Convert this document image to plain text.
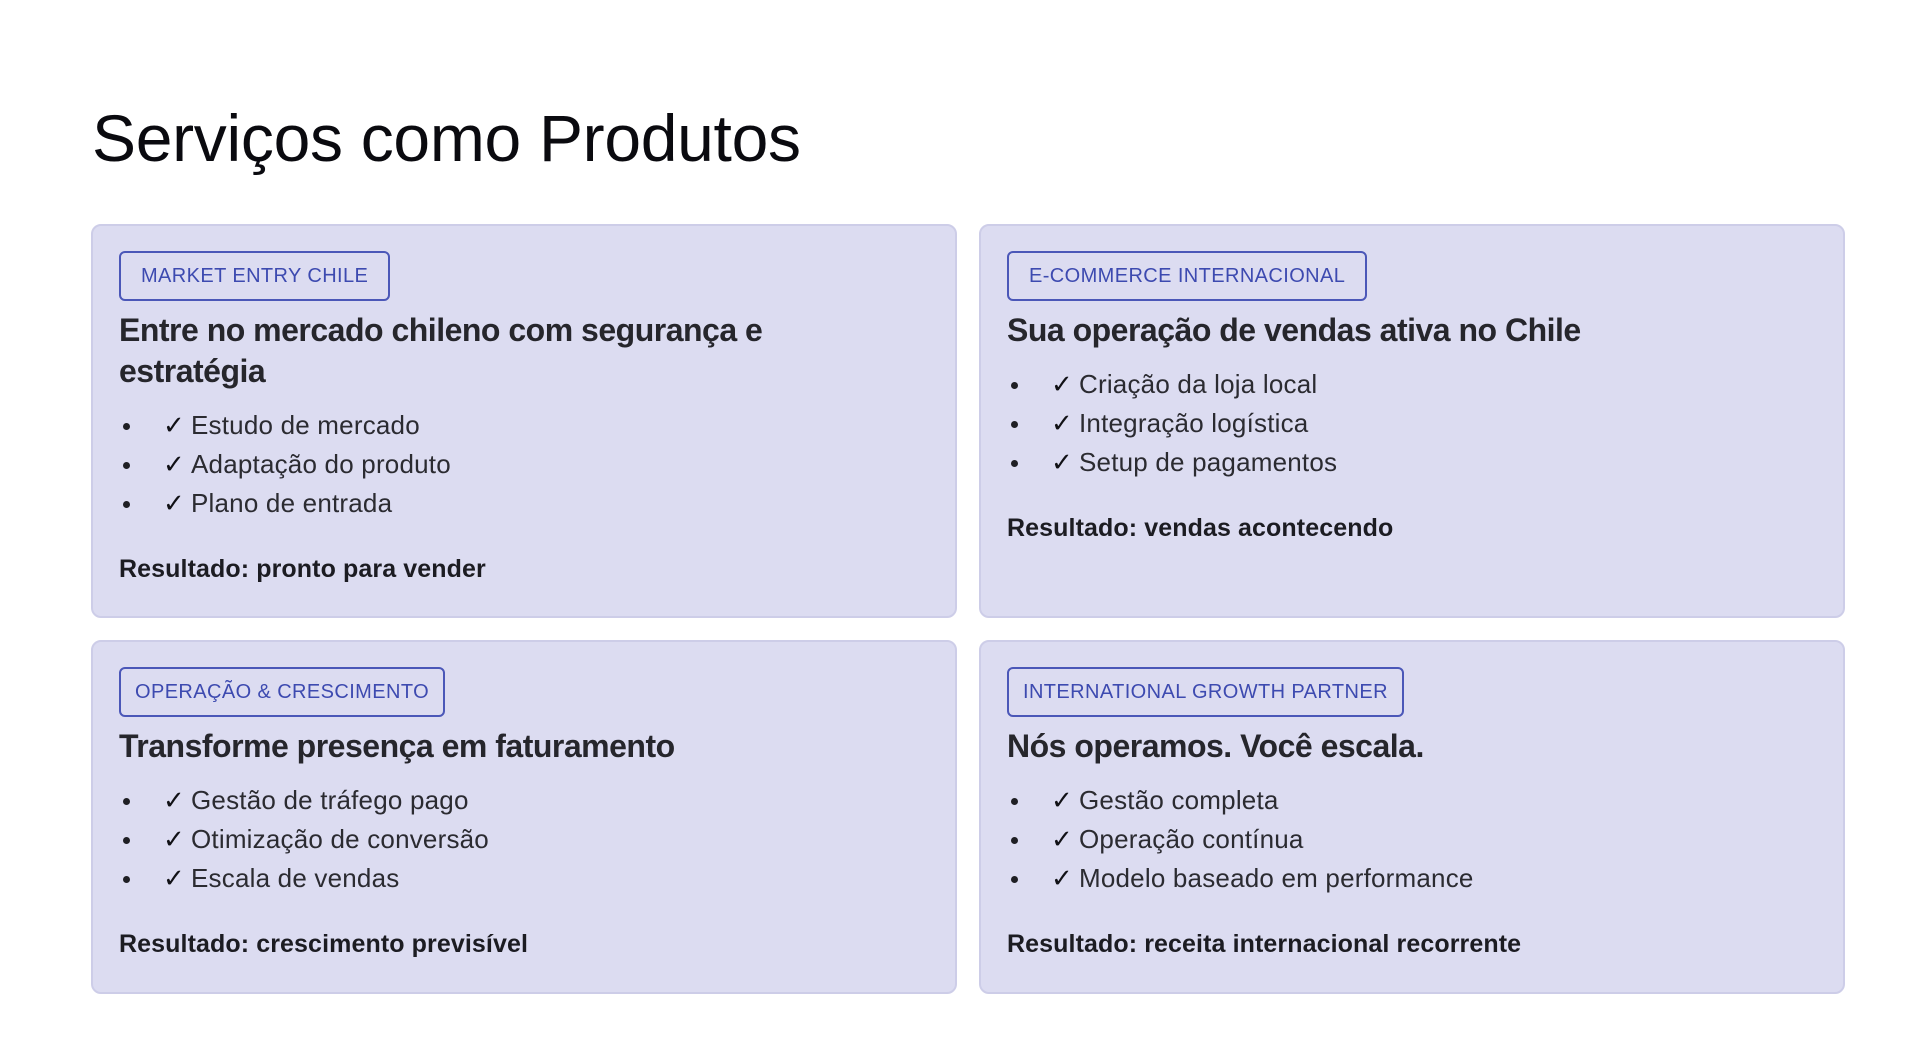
Serviços como Produtos
MARKET ENTRY CHILE
Entre no mercado chileno com segurança e estratégia
✓ Estudo de mercado
✓ Adaptação do produto
✓ Plano de entrada

Resultado: pronto para vender

E-COMMERCE INTERNACIONAL
Sua operação de vendas ativa no Chile
✓ Criação da loja local
✓ Integração logística
✓ Setup de pagamentos

Resultado: vendas acontecendo

OPERAÇÃO & CRESCIMENTO
Transforme presença em faturamento
✓ Gestão de tráfego pago
✓ Otimização de conversão
✓ Escala de vendas

Resultado: crescimento previsível

INTERNATIONAL GROWTH PARTNER
Nós operamos. Você escala.
✓ Gestão completa
✓ Operação contínua
✓ Modelo baseado em performance

Resultado: receita internacional recorrente
